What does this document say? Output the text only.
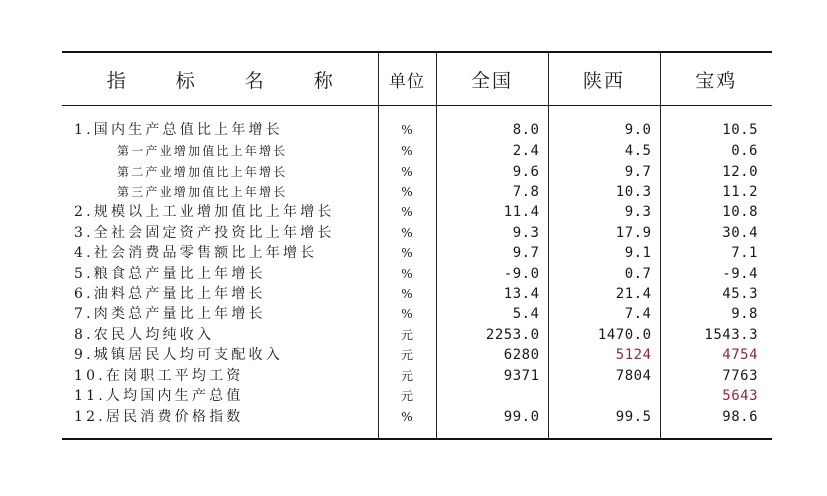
指 标 名 称	单位	全国	陕西	宝鸡
1.国内生产总值比上年增长	%	8.0	9.0	10.5
第一产业增加值比上年增长	%	2.4	4.5	0.6
第二产业增加值比上年增长	%	9.6	9.7	12.0
第三产业增加值比上年增长	%	7.8	10.3	11.2
2.规模以上工业增加值比上年增长	%	11.4	9.3	10.8
3.全社会固定资产投资比上年增长	%	9.3	17.9	30.4
4.社会消费品零售额比上年增长	%	9.7	9.1	7.1
5.粮食总产量比上年增长	%	-9.0	0.7	-9.4
6.油料总产量比上年增长	%	13.4	21.4	45.3
7.肉类总产量比上年增长	%	5.4	7.4	9.8
8.农民人均纯收入	元	2253.0	1470.0	1543.3
9.城镇居民人均可支配收入	元	6280	5124	4754
10.在岗职工平均工资	元	9371	7804	7763
11.人均国内生产总值	元			5643
12.居民消费价格指数	%	99.0	99.5	98.6
